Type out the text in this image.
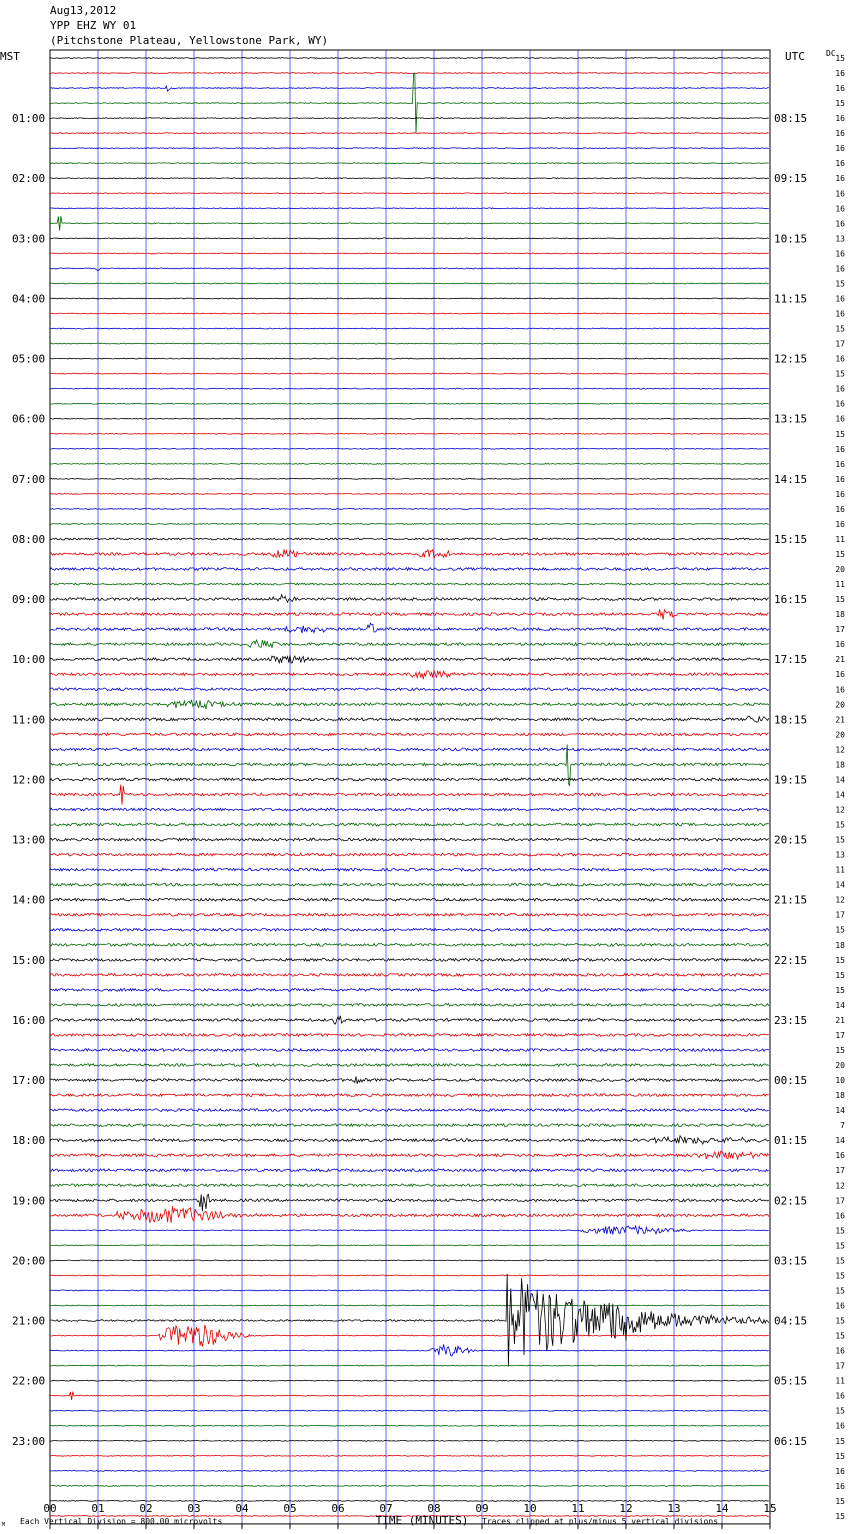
Aug13,2012
YPP EHZ WY 01
(Pitchstone Plateau, Yellowstone Park, WY)
MST	UTC
01:00
02:00
03:00
04:00
05:00
06:00
07:00
08:00
09:00
10:00
11:00
12:00
13:00
14:00
15:00
16:00
17:00
18:00
19:00
20:00
21:00
22:00
23:00
08:15
09:15
10:15
11:15
12:15
13:15
14:15
15:15
16:15
17:15
18:15
19:15
20:15
21:15
22:15
23:15
00:15
01:15
02:15
03:15
04:15
05:15
06:15
DC
15
16
16
15
16
16
16
16
16
16
16
16
13
16
16
15
16
16
15
17
16
15
16
16
16
15
16
16
16
16
16
16
11
15
20
11
15
18
17
16
21
16
16
20
21
20
12
18
14
14
12
15
15
13
11
14
12
17
15
18
15
15
15
14
21
17
15
20
10
18
14
7
14
16
17
12
17
16
15
15
15
15
15
16
15
15
16
17
11
16
15
16
15
15
16
16
15
15
00	01	02	03	04	05	06	07	08	09	10	11	12	13	14	15
TIME (MINUTES)
Each Vertical Division = 800.00 microvolts	Traces clipped at plus/minus 5 vertical divisions
M
